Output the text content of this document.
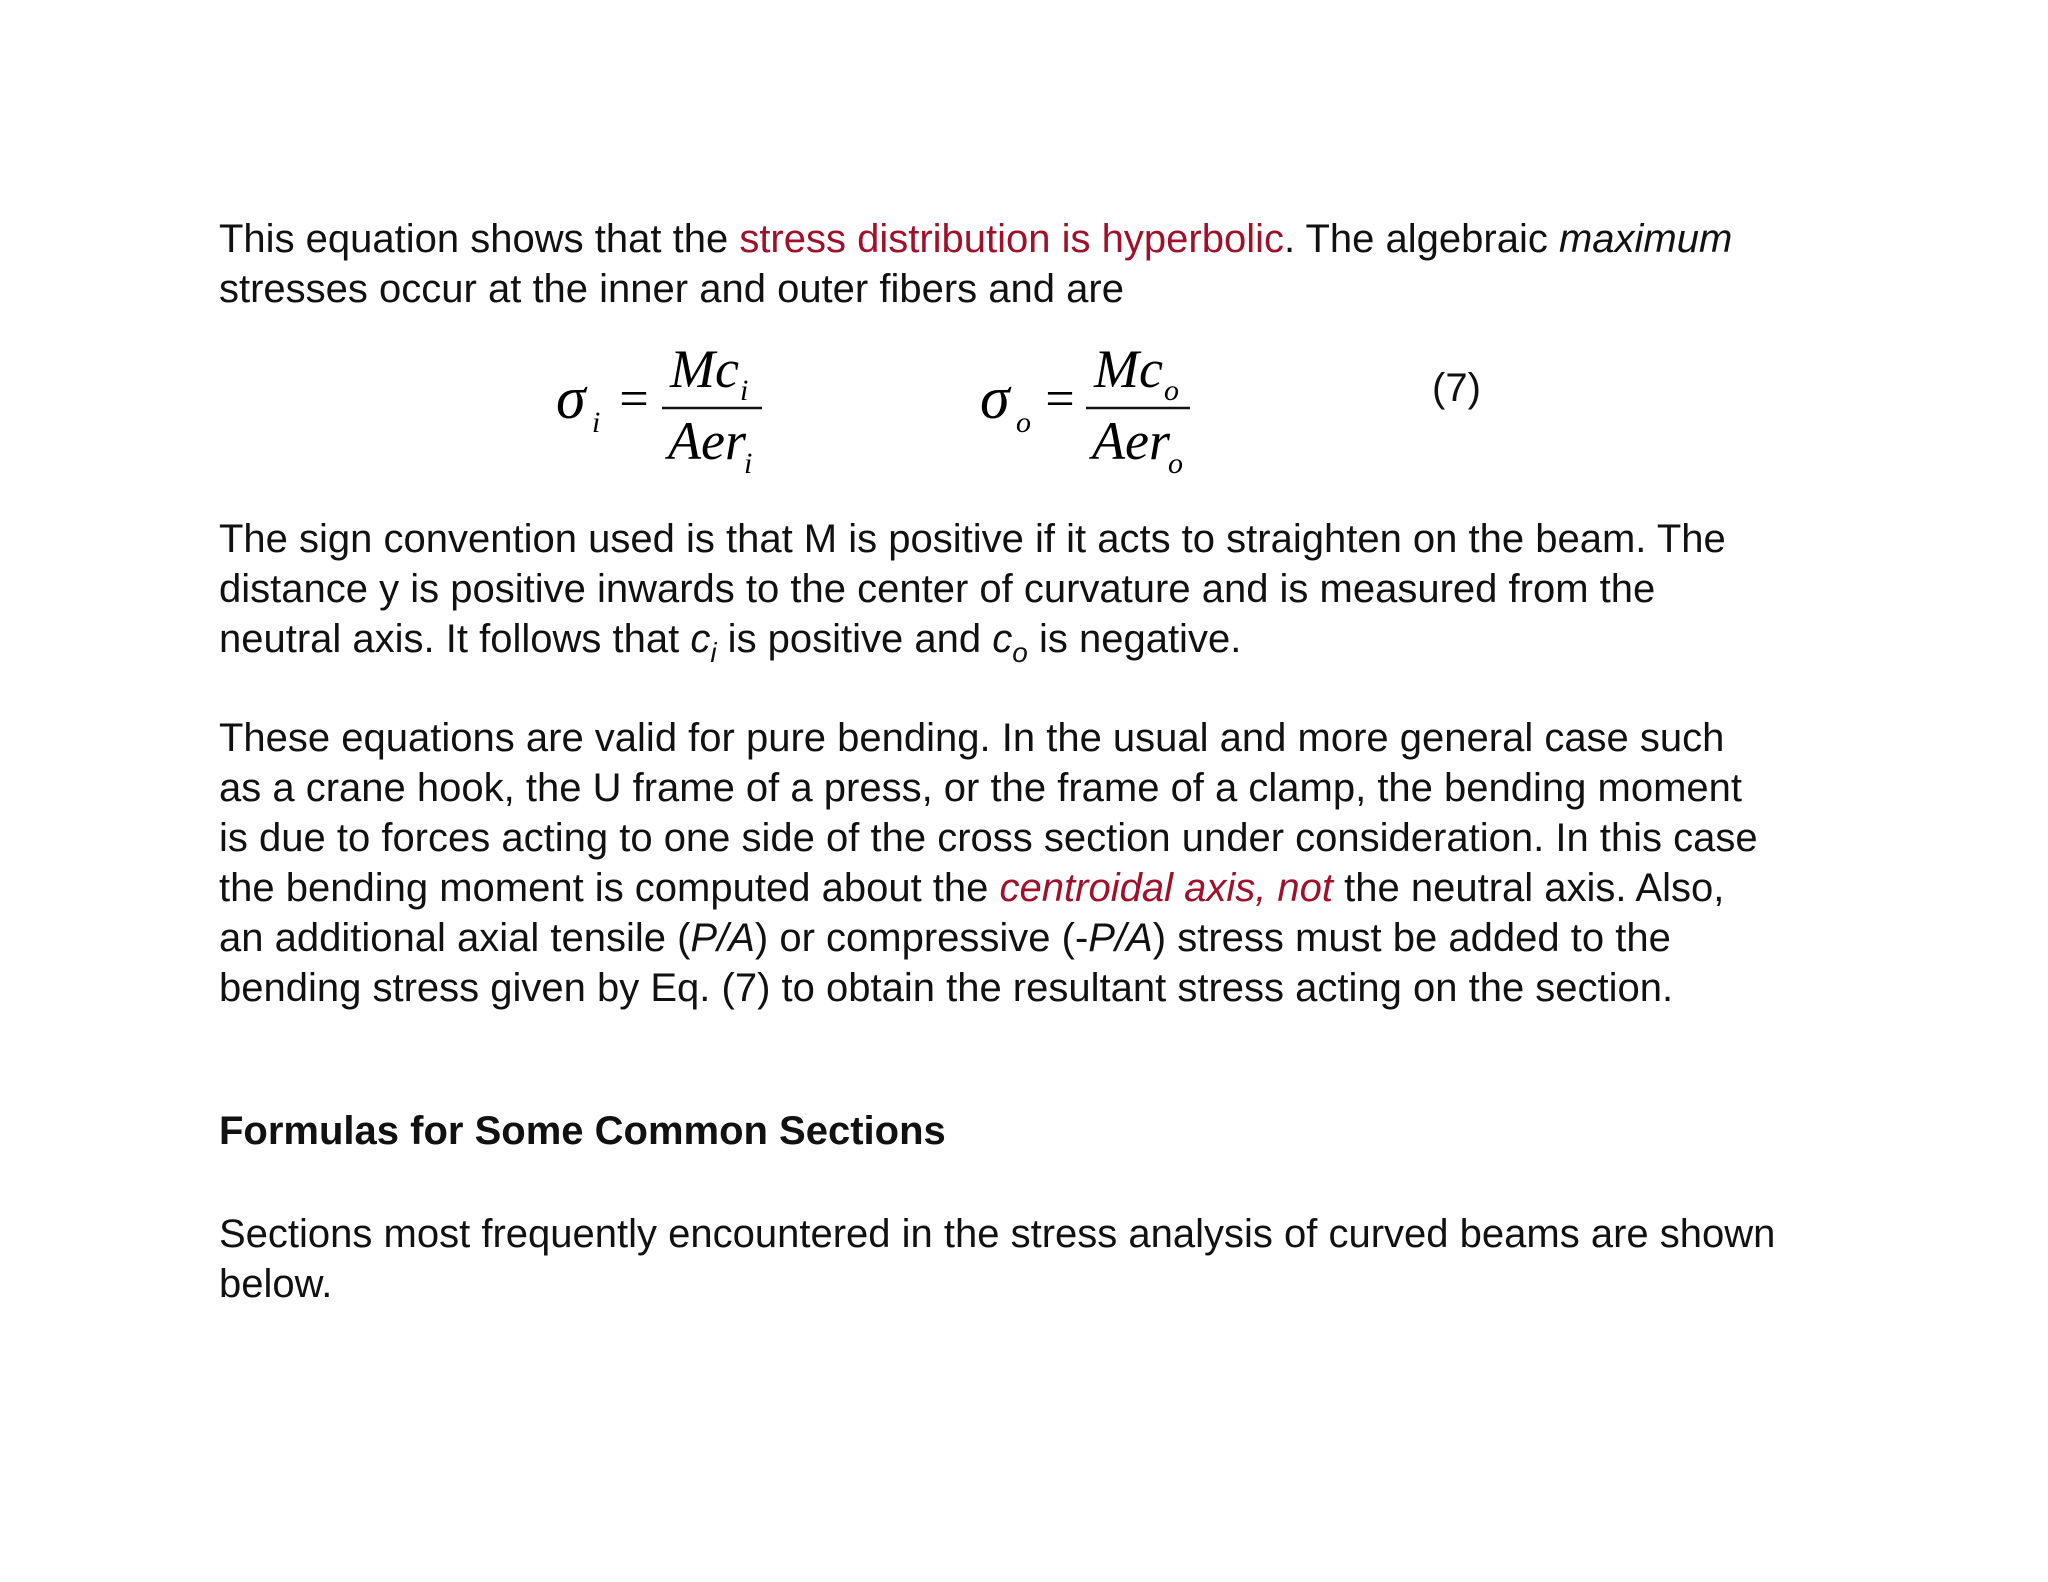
This equation shows that the stress distribution is hyperbolic. The algebraic maximum
stresses occur at the inner and outer fibers and are

σ i =
Mc i
Aer
i
σ o =
Mc o
Aer
o
(7)

The sign convention used is that M is positive if it acts to straighten on the beam. The
distance y is positive inwards to the center of curvature and is measured from the
neutral axis. It follows that $c_i$ is positive and $c_o$ is negative.

These equations are valid for pure bending. In the usual and more general case such
as a crane hook, the U frame of a press, or the frame of a clamp, the bending moment
is due to forces acting to one side of the cross section under consideration. In this case
the bending moment is computed about the centroidal axis, not the neutral axis. Also,
an additional axial tensile (P/A) or compressive (-P/A) stress must be added to the
bending stress given by Eq. (7) to obtain the resultant stress acting on the section.

Formulas for Some Common Sections

Sections most frequently encountered in the stress analysis of curved beams are shown
below.
